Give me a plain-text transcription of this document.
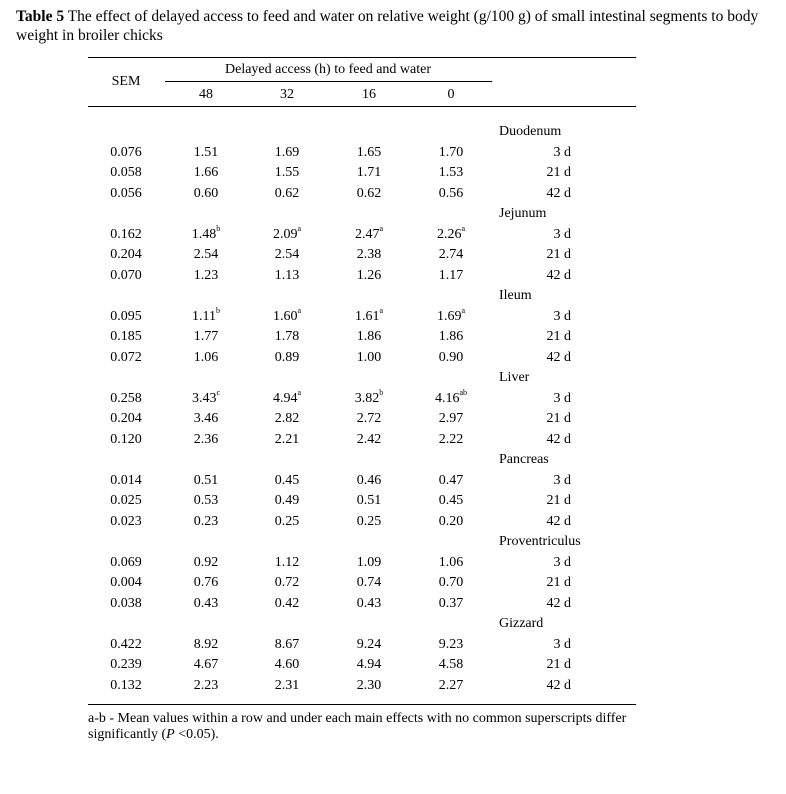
Table 5 The effect of delayed access to feed and water on relative weight (g/100 g) of small intestinal segments to body weight in broiler chicks
SEM
Delayed access (h) to feed and water
48	32	16	0
Duodenum
0.076	1.51	1.69	1.65	1.70	3 d
0.058	1.66	1.55	1.71	1.53	21 d
0.056	0.60	0.62	0.62	0.56	42 d
Jejunum
0.162	1.48$^b$	2.09$^a$	2.47$^a$	2.26$^a$	3 d
0.204	2.54	2.54	2.38	2.74	21 d
0.070	1.23	1.13	1.26	1.17	42 d
Ileum
0.095	1.11$^b$	1.60$^a$	1.61$^a$	1.69$^a$	3 d
0.185	1.77	1.78	1.86	1.86	21 d
0.072	1.06	0.89	1.00	0.90	42 d
Liver
0.258	3.43$^c$	4.94$^a$	3.82$^b$	4.16$^{ab}$	3 d
0.204	3.46	2.82	2.72	2.97	21 d
0.120	2.36	2.21	2.42	2.22	42 d
Pancreas
0.014	0.51	0.45	0.46	0.47	3 d
0.025	0.53	0.49	0.51	0.45	21 d
0.023	0.23	0.25	0.25	0.20	42 d
Proventriculus
0.069	0.92	1.12	1.09	1.06	3 d
0.004	0.76	0.72	0.74	0.70	21 d
0.038	0.43	0.42	0.43	0.37	42 d
Gizzard
0.422	8.92	8.67	9.24	9.23	3 d
0.239	4.67	4.60	4.94	4.58	21 d
0.132	2.23	2.31	2.30	2.27	42 d
a-b - Mean values within a row and under each main effects with no common superscripts differ significantly (P <0.05).
